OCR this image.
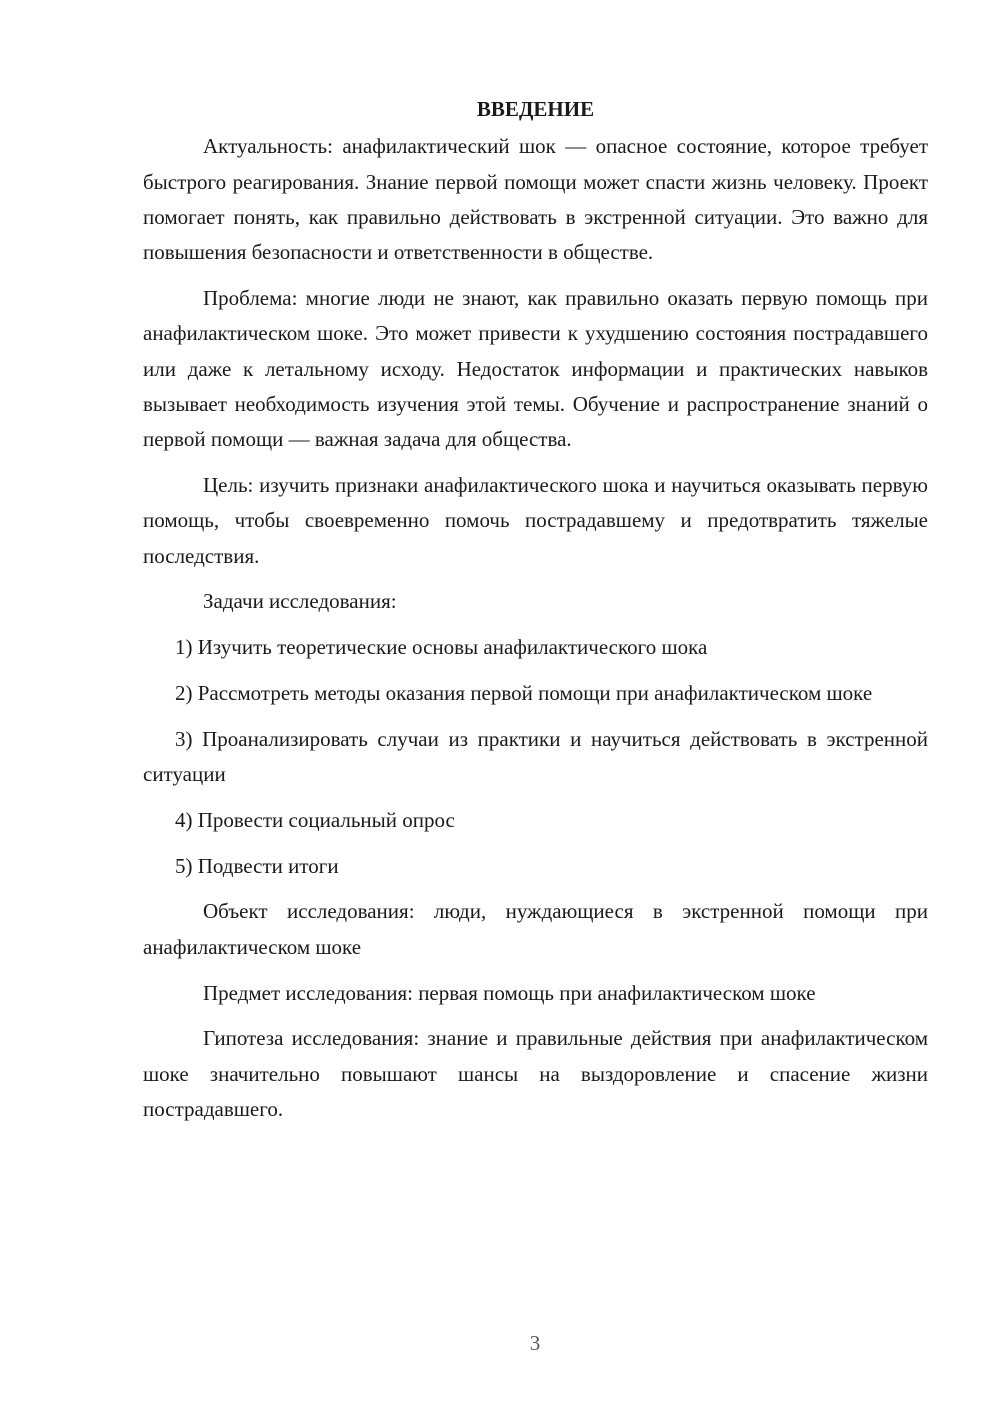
ВВЕДЕНИЕ

Актуальность: анафилактический шок — опасное состояние, которое требует быстрого реагирования. Знание первой помощи может спасти жизнь человеку. Проект помогает понять, как правильно действовать в экстренной ситуации. Это важно для повышения безопасности и ответственности в обществе.

Проблема: многие люди не знают, как правильно оказать первую помощь при анафилактическом шоке. Это может привести к ухудшению состояния пострадавшего или даже к летальному исходу. Недостаток информации и практических навыков вызывает необходимость изучения этой темы. Обучение и распространение знаний о первой помощи — важная задача для общества.

Цель: изучить признаки анафилактического шока и научиться оказывать первую помощь, чтобы своевременно помочь пострадавшему и предотвратить тяжелые последствия.

Задачи исследования:

1) Изучить теоретические основы анафилактического шока

2) Рассмотреть методы оказания первой помощи при анафилактическом шоке

3) Проанализировать случаи из практики и научиться действовать в экстренной ситуации

4) Провести социальный опрос

5) Подвести итоги

Объект исследования: люди, нуждающиеся в экстренной помощи при анафилактическом шоке

Предмет исследования: первая помощь при анафилактическом шоке

Гипотеза исследования: знание и правильные действия при анафилактическом шоке значительно повышают шансы на выздоровление и спасение жизни пострадавшего.

3
